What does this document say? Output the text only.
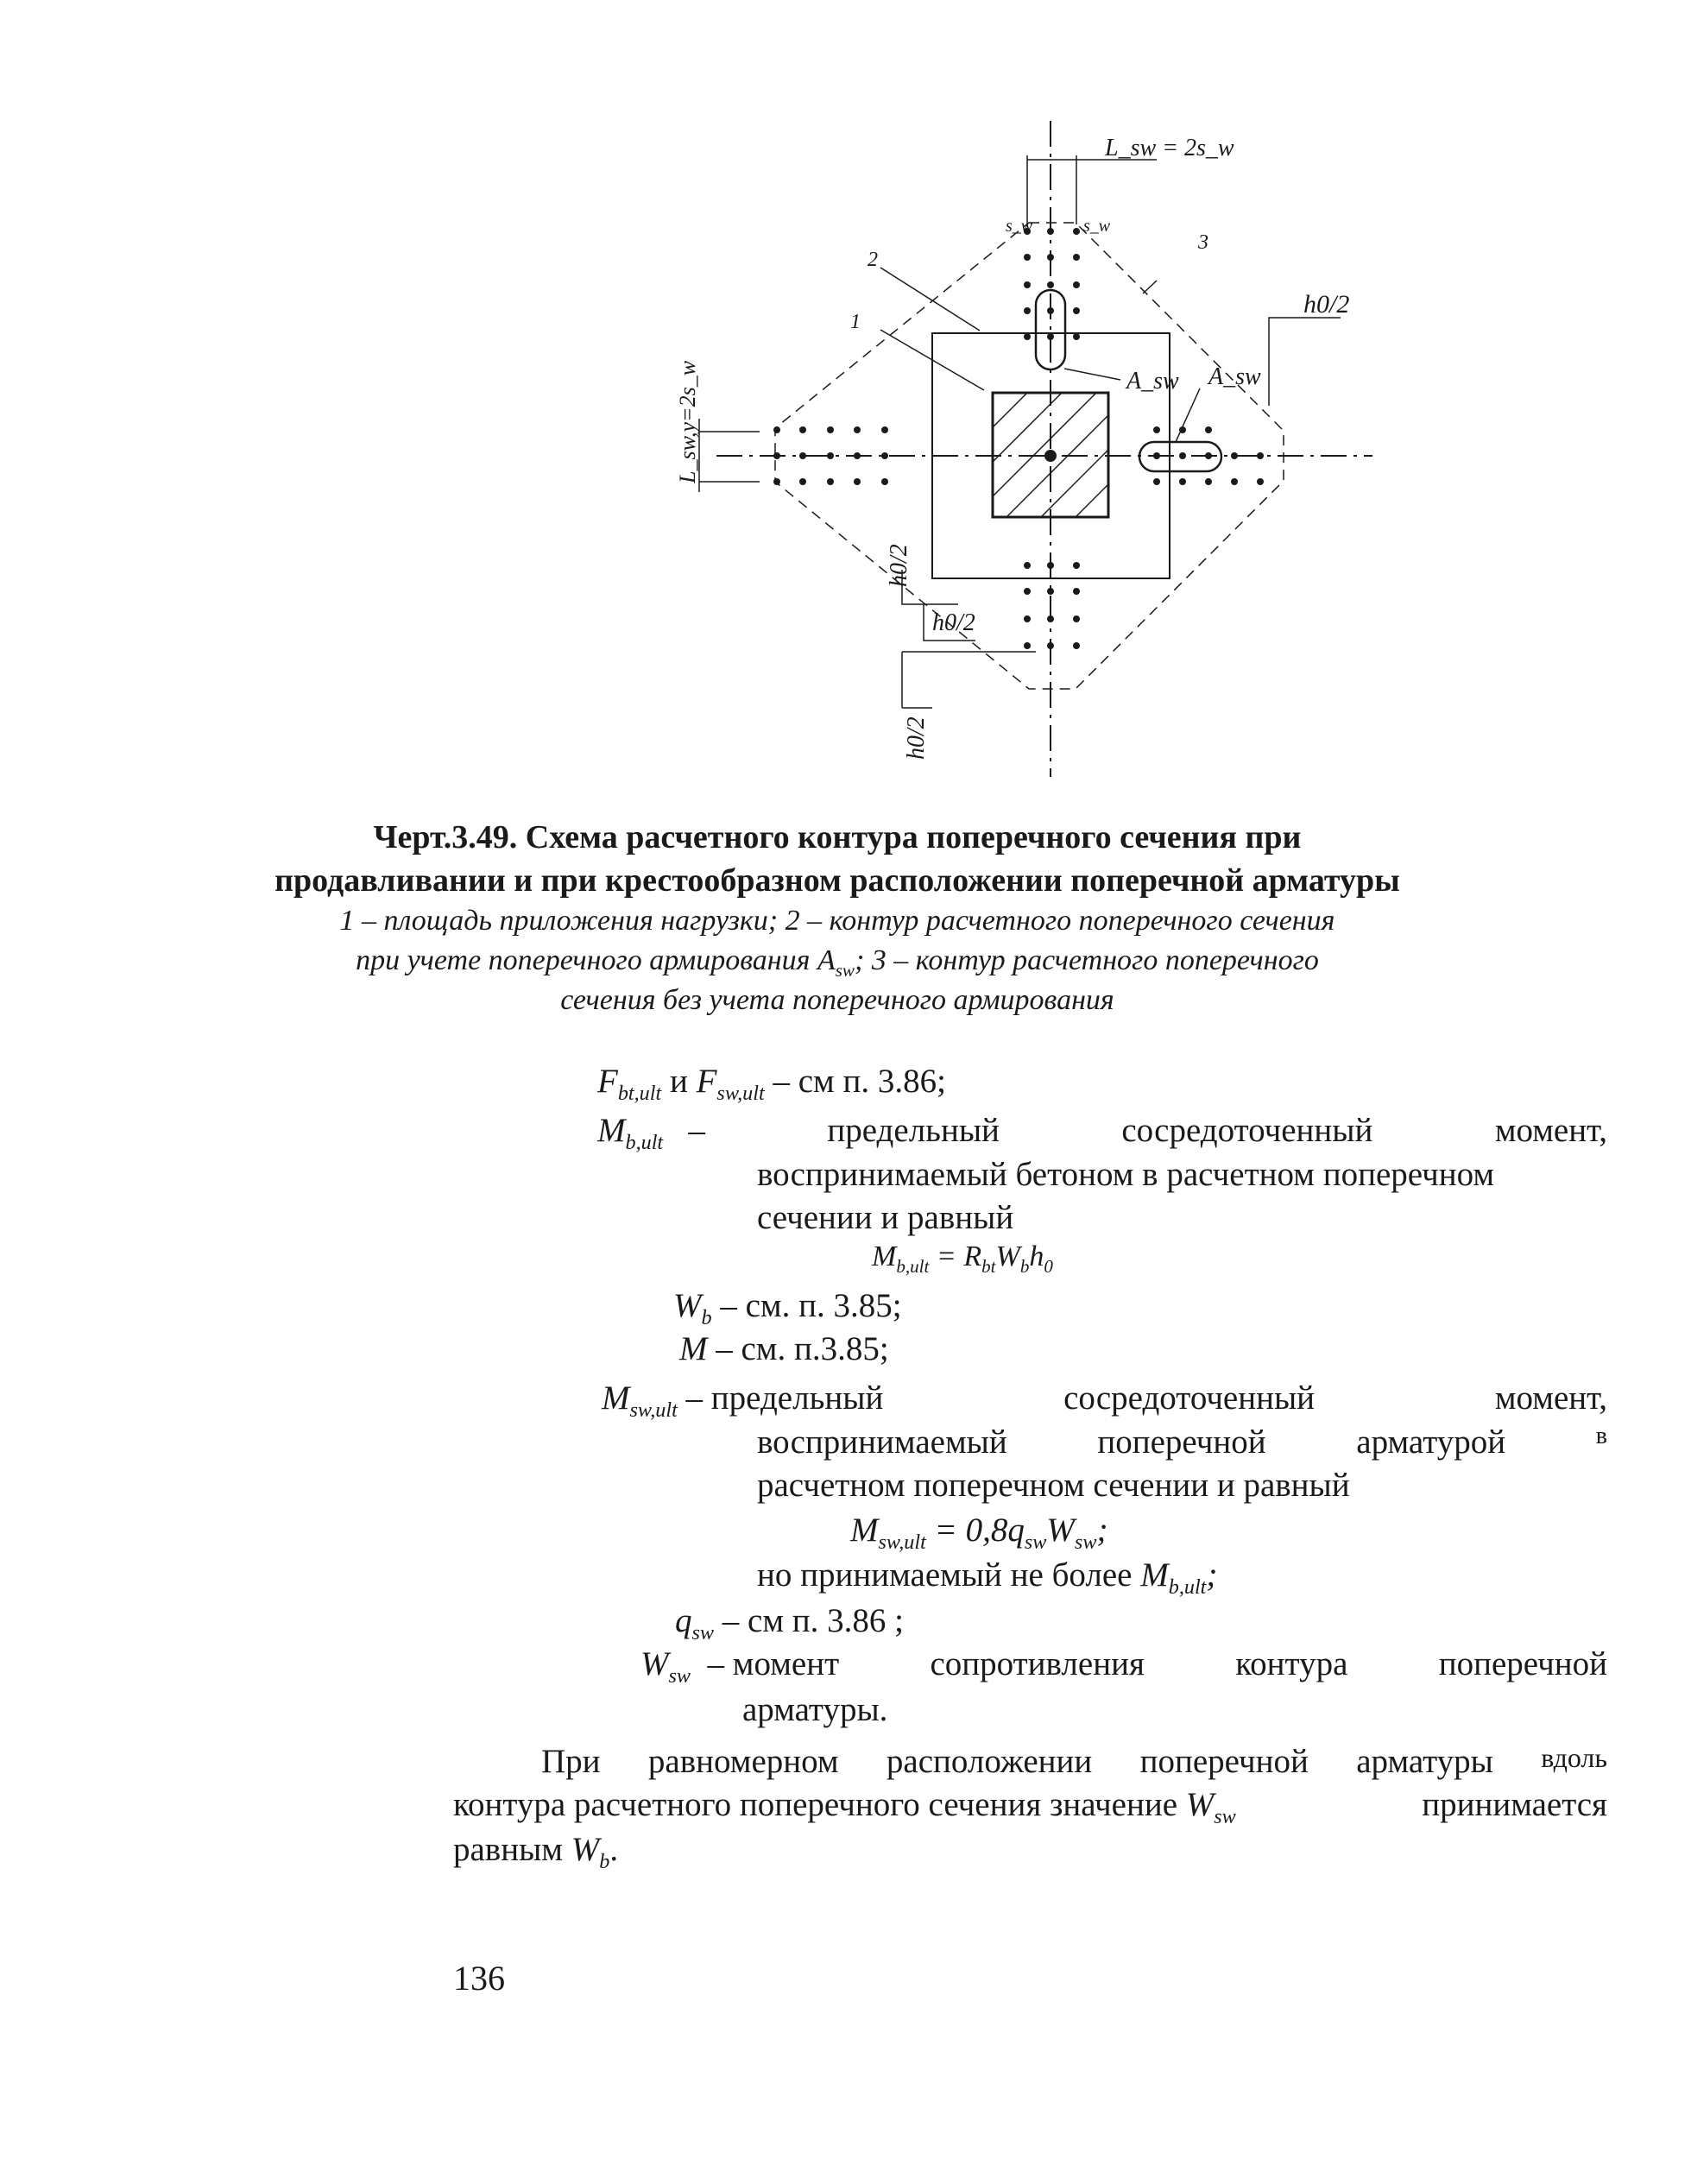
L_sw = 2s_w
s_w	s_w
2
1
3
A_sw A_sw
h0/2
h0/2
h0/2
h0/2
L_sw,y=2s_w
Черт.3.49. Схема расчетного контура поперечного сечения при
продавливании и при крестообразном расположении поперечной арматуры
1 – площадь приложения нагрузки; 2 – контур расчетного поперечного сечения
при учете поперечного армирования $A_{sw}$; 3 – контур расчетного поперечного
сечения без учета поперечного армирования
$F_{bt,ult}$ и $F_{sw,ult}$ – см п. 3.86;
$M_{b,ult}$ –	предельный	сосредоточенный	момент,
воспринимаемый бетоном в расчетном поперечном
сечении и равный
$M_{b,ult} = R_{bt}W_bh_0$
$W_b$ – см. п. 3.85;
M – см. п.3.85;
$M_{sw,ult}$ – предельный	сосредоточенный	момент,
воспринимаемый	поперечной	арматурой	в
расчетном поперечном сечении и равный
$M_{sw,ult} = 0,8q_{sw}W_{sw}$;
но принимаемый не более $M_{b,ult}$;
$q_{sw}$ – см п. 3.86 ;
$W_{sw}$ – момент	сопротивления	контура	поперечной
арматуры.
При равномерном расположении поперечной арматуры вдоль
контура расчетного поперечного сечения значение $W_{sw}$	принимается
равным $W_b$.
136
